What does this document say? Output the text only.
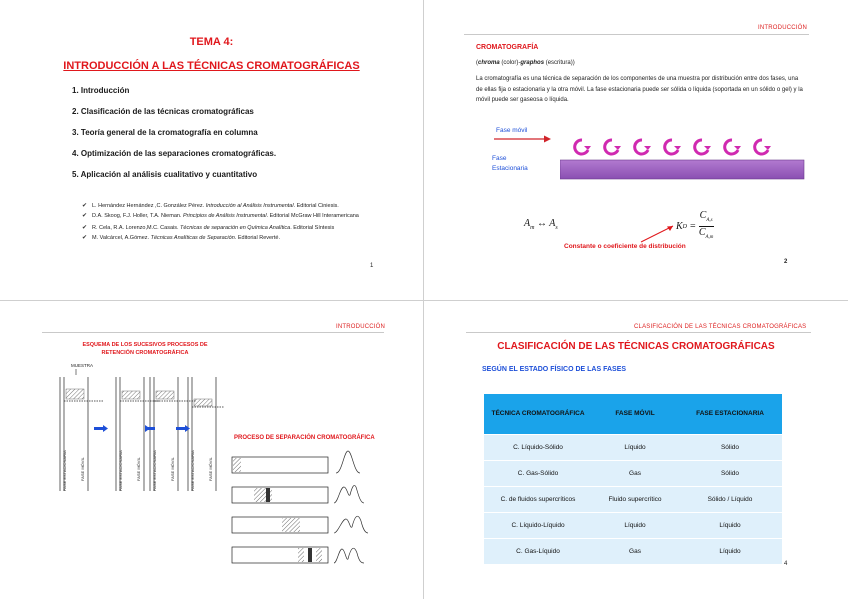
TEMA 4:
INTRODUCCIÓN A LAS TÉCNICAS CROMATOGRÁFICAS
1. Introducción
2. Clasificación de las técnicas cromatográficas
3. Teoría general de la cromatografía en columna
4. Optimización de las separaciones cromatográficas.
5. Aplicación al análisis cualitativo y cuantitativo
✔ L. Hernández Hernández ,C. González Pérez. Introducción al Análisis Instrumental. Editorial Ciniesis.
✔ D.A. Skoog, F.J. Holler, T.A. Nieman. Principios de Análisis Instrumental. Editorial McGraw Hill Interamericana
✔ R. Cela, R.A. Lorenzo,M.C. Casais. Técnicas de separación en Química Analítica. Editorial Síntesis
✔ M. Valcárcel, A.Gómez. Técnicas Analíticas de Separación. Editorial Reverté.
1
INTRODUCCIÓN
CROMATOGRAFÍA
(chroma (color)-graphos (escritura))
La cromatografía es una técnica de separación de los componentes de una muestra por distribución entre dos fases, una de ellas fija o estacionaria y la otra móvil. La fase estacionaria puede ser sólida o líquida (soportada en un sólido o gel) y la móvil puede ser gaseosa o líquida.
Fase móvil
Fase
Estacionaria
$A_m$ ↔ $A_s$	K $D = \frac{C_{A,s}}{C_{A,m}}$
Constante o coeficiente de distribución
2
INTRODUCCIÓN
ESQUEMA DE LOS SUCESIVOS PROCESOS DE
RETENCIÓN CROMATOGRÁFICA
MUESTRA
FASE ESTACIONARIA	FASE MÓVIL	FASE ESTACIONARIA	FASE MÓVIL	FASE ESTACIONARIA	FASE MÓVIL	FASE ESTACIONARIA	FASE MÓVIL
PROCESO DE SEPARACIÓN CROMATOGRÁFICA
CLASIFICACIÓN DE LAS TÉCNICAS CROMATOGRÁFICAS
CLASIFICACIÓN DE LAS TÉCNICAS CROMATOGRÁFICAS
SEGÚN EL ESTADO FÍSICO DE LAS FASES
TÉCNICA CROMATOGRÁFICA	FASE MÓVIL	FASE ESTACIONARIA
C. Líquido-Sólido	Líquido	Sólido
C. Gas-Sólido	Gas	Sólido
C. de fluidos supercríticos	Fluido supercrítico	Sólido / Líquido
C. Líquido-Líquido	Líquido	Líquido
C. Gas-Líquido	Gas	Líquido
4
